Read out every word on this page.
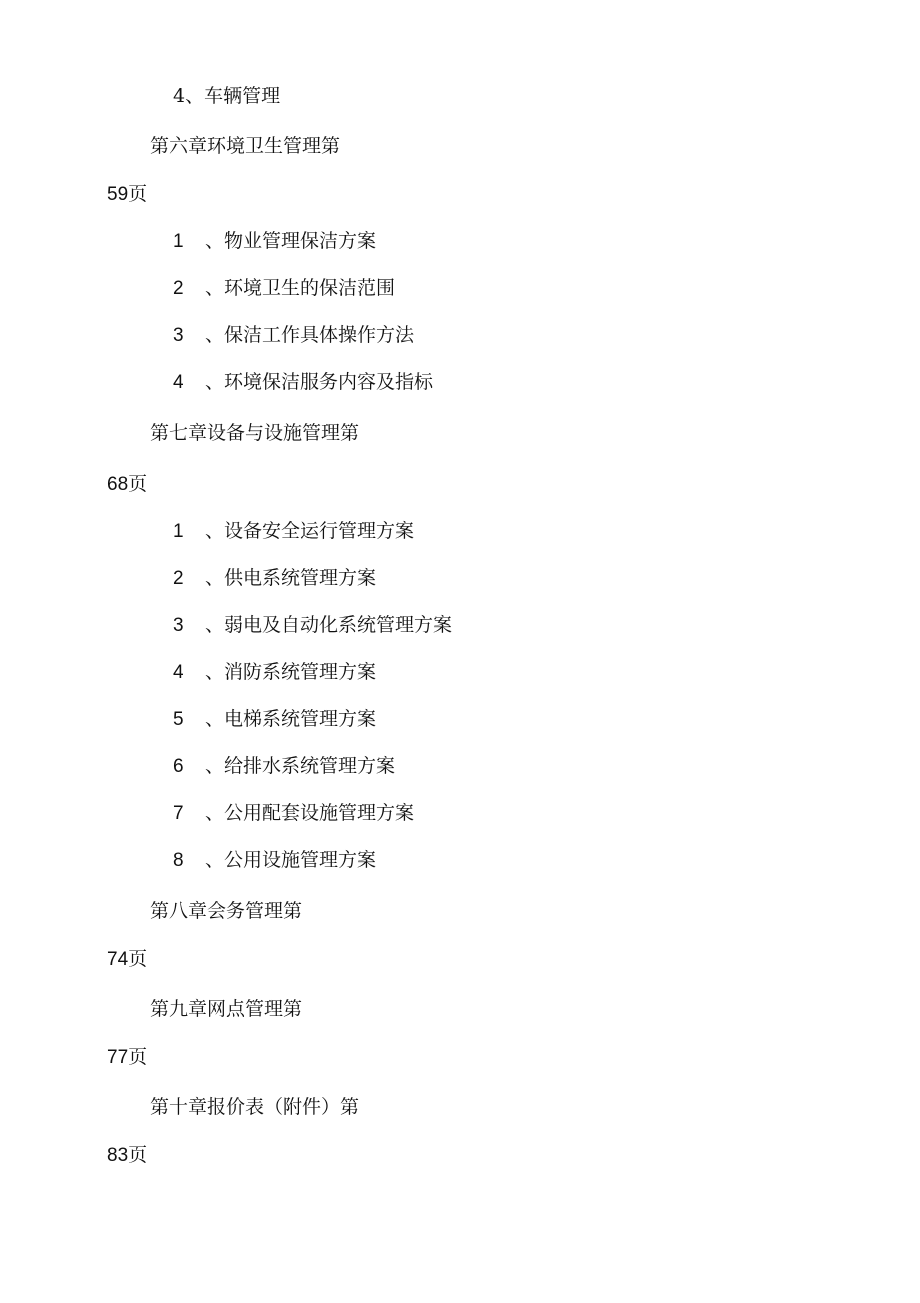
4、车辆管理
第六章环境卫生管理第
59页
1 、物业管理保洁方案
2 、环境卫生的保洁范围
3 、保洁工作具体操作方法
4 、环境保洁服务内容及指标
第七章设备与设施管理第
68页
1 、设备安全运行管理方案
2 、供电系统管理方案
3 、弱电及自动化系统管理方案
4 、消防系统管理方案
5 、电梯系统管理方案
6 、给排水系统管理方案
7 、公用配套设施管理方案
8 、公用设施管理方案
第八章会务管理第
74页
第九章网点管理第
77页
第十章报价表（附件）第
83页
